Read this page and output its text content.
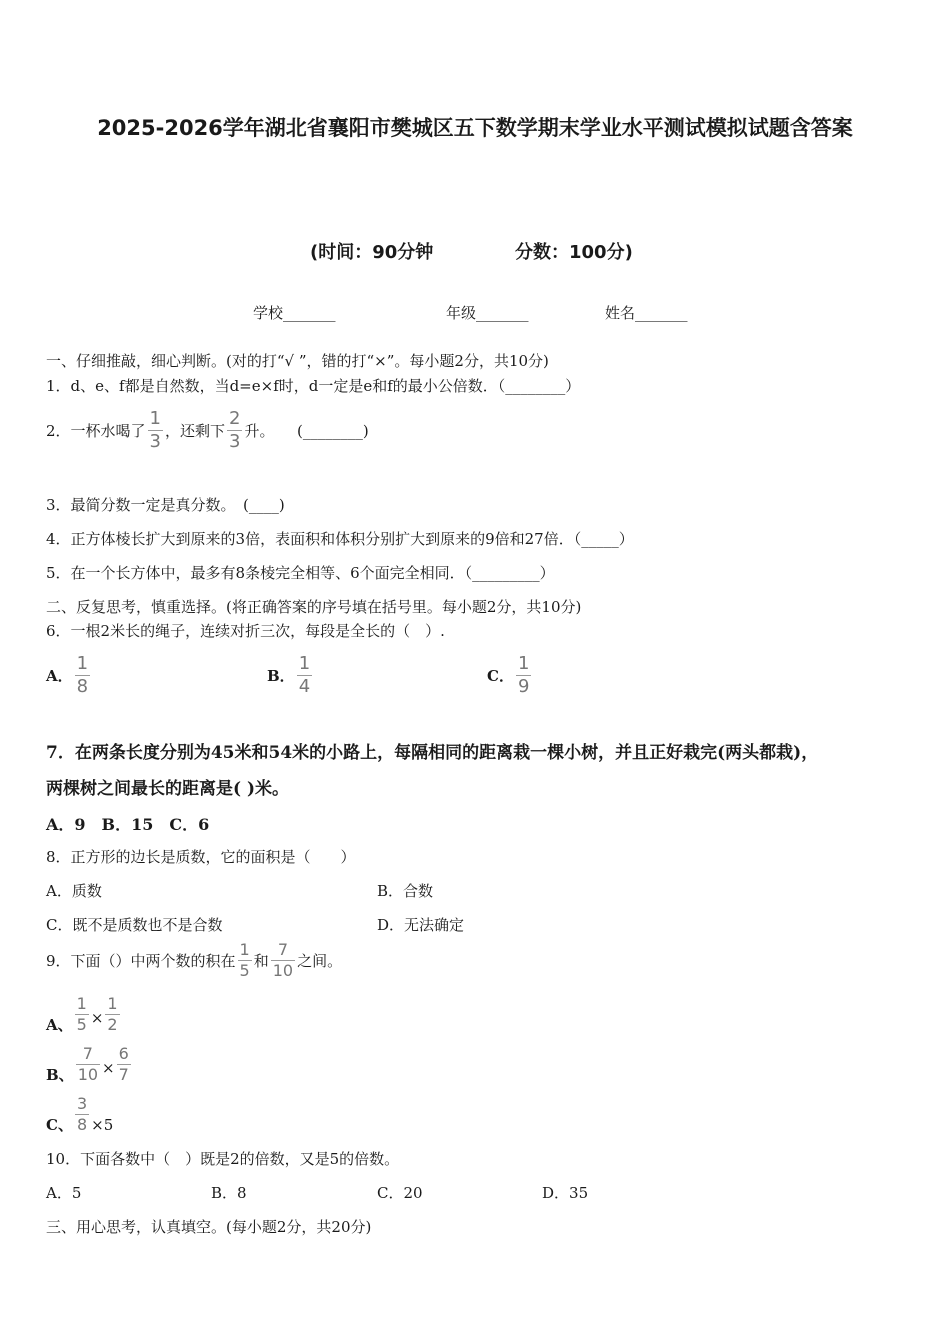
2025-2026学年湖北省襄阳市樊城区五下数学期末学业水平测试模拟试题含答案
(时间：90分钟	分数：100分)
学校_______	年级_______	姓名_______
一、仔细推敲，细心判断。(对的打“√ ”，错的打“×”。每小题2分，共10分)
1．d、e、f都是自然数，当d=e×f时，d一定是e和f的最小公倍数．（________）
2．一杯水喝了 $\frac{1}{3}$ ，还剩下 $\frac{2}{3}$ 升。　　(________)
3．最简分数一定是真分数。　(____)
4．正方体棱长扩大到原来的3倍，表面积和体积分别扩大到原来的9倍和27倍．（_____）
5．在一个长方体中，最多有8条棱完全相等、6个面完全相同．（_________）
二、反复思考，慎重选择。(将正确答案的序号填在括号里。每小题2分，共10分)
6．一根2米长的绳子，连续对折三次，每段是全长的（　）.
A． $\frac{1}{8}$	B． $\frac{1}{4}$	C． $\frac{1}{9}$
7．在两条长度分别为45米和54米的小路上，每隔相同的距离栽一棵小树，并且正好栽完(两头都栽)，
两棵树之间最长的距离是( )米。
A．9　B．15　C．6
8．正方形的边长是质数，它的面积是（　　）
A．质数	B．合数
C．既不是质数也不是合数	D．无法确定
9．下面（）中两个数的积在 $\frac{1}{5}$ 和 $\frac{7}{10}$ 之间。
A、 $\frac{1}{5} \times \frac{1}{2}$
B、 $\frac{7}{10} \times \frac{6}{7}$
C、 $\frac{3}{8} \times 5$
10．下面各数中（　）既是2的倍数，又是5的倍数。
A．5	B．8	C．20	D．35
三、用心思考，认真填空。(每小题2分，共20分)
